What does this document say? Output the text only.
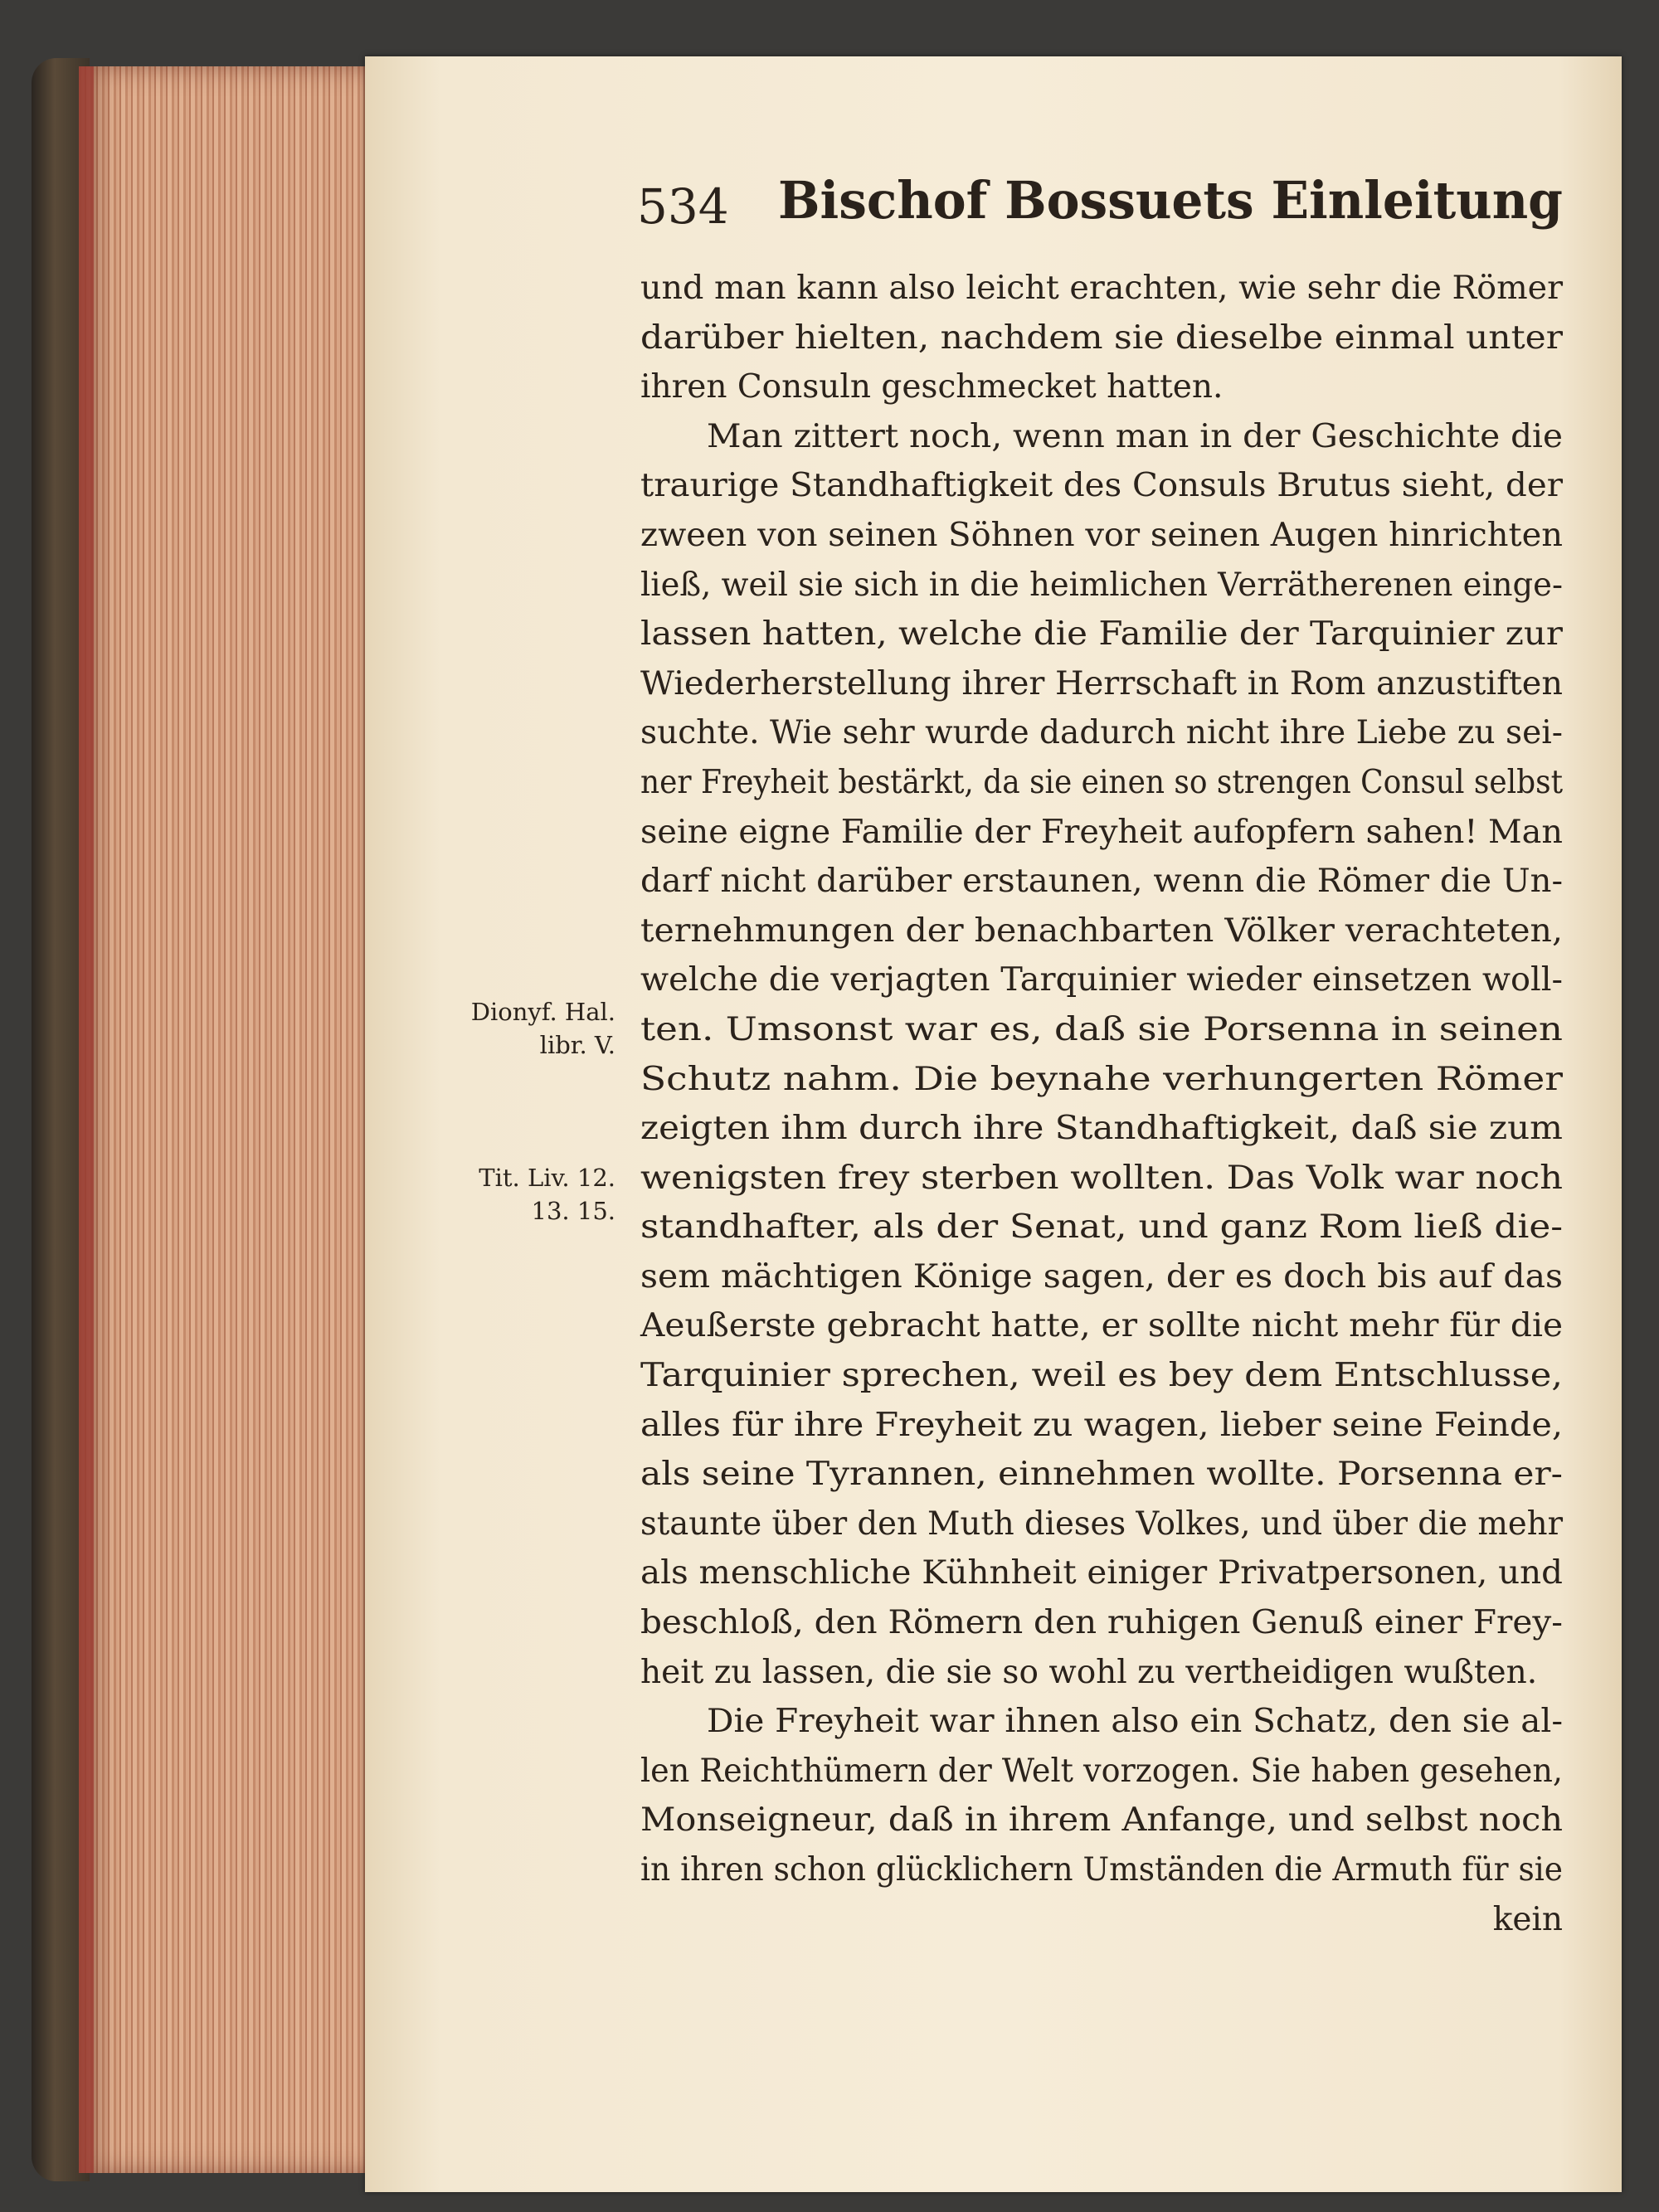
534 Bischof Bossuets Einleitung
Dionyf. Hal.
libr. V.
Tit. Liv. 12.
13. 15.
und man kann also leicht erachten, wie sehr die Römer
darüber hielten, nachdem sie dieselbe einmal unter
ihren Consuln geschmecket hatten.
Man zittert noch, wenn man in der Geschichte die
traurige Standhaftigkeit des Consuls Brutus sieht, der
zween von seinen Söhnen vor seinen Augen hinrichten
ließ, weil sie sich in die heimlichen Verrätherenen einge-
lassen hatten, welche die Familie der Tarquinier zur
Wiederherstellung ihrer Herrschaft in Rom anzustiften
suchte. Wie sehr wurde dadurch nicht ihre Liebe zu sei-
ner Freyheit bestärkt, da sie einen so strengen Consul selbst
seine eigne Familie der Freyheit aufopfern sahen! Man
darf nicht darüber erstaunen, wenn die Römer die Un-
ternehmungen der benachbarten Völker verachteten,
welche die verjagten Tarquinier wieder einsetzen woll-
ten. Umsonst war es, daß sie Porsenna in seinen
Schutz nahm. Die beynahe verhungerten Römer
zeigten ihm durch ihre Standhaftigkeit, daß sie zum
wenigsten frey sterben wollten. Das Volk war noch
standhafter, als der Senat, und ganz Rom ließ die-
sem mächtigen Könige sagen, der es doch bis auf das
Aeußerste gebracht hatte, er sollte nicht mehr für die
Tarquinier sprechen, weil es bey dem Entschlusse,
alles für ihre Freyheit zu wagen, lieber seine Feinde,
als seine Tyrannen, einnehmen wollte. Porsenna er-
staunte über den Muth dieses Volkes, und über die mehr
als menschliche Kühnheit einiger Privatpersonen, und
beschloß, den Römern den ruhigen Genuß einer Frey-
heit zu lassen, die sie so wohl zu vertheidigen wußten.
Die Freyheit war ihnen also ein Schatz, den sie al-
len Reichthümern der Welt vorzogen. Sie haben gesehen,
Monseigneur, daß in ihrem Anfange, und selbst noch
in ihren schon glücklichern Umständen die Armuth für sie
kein
